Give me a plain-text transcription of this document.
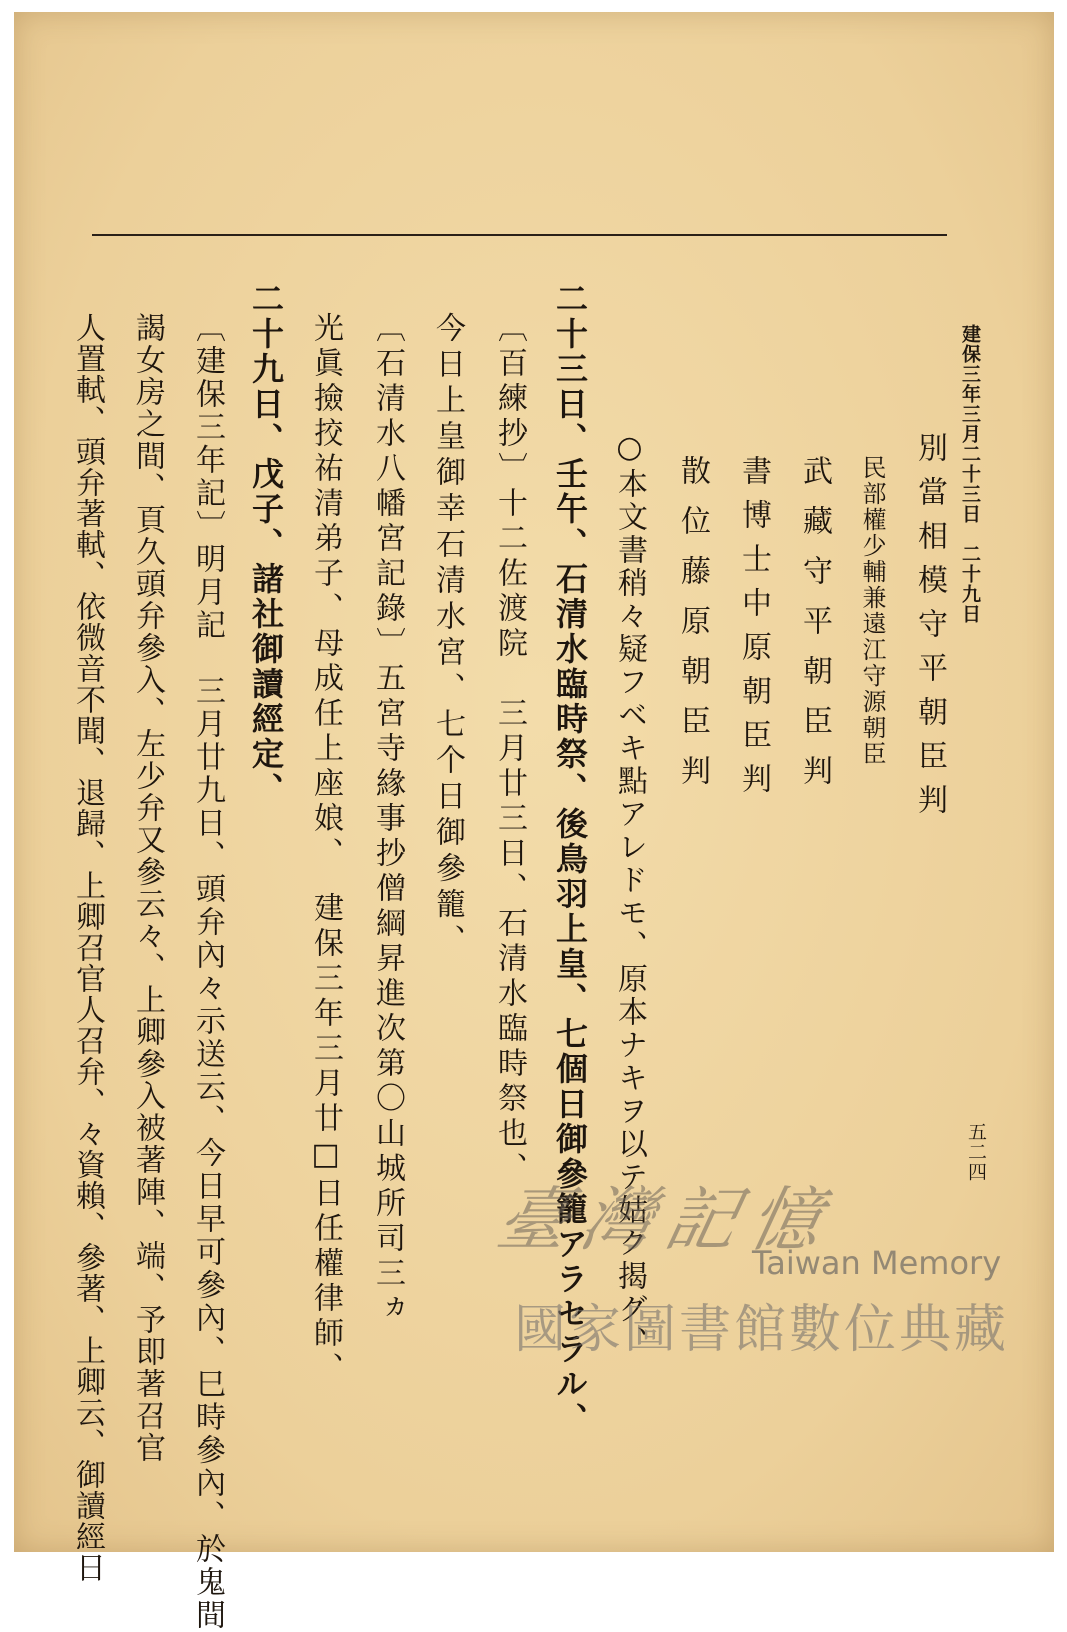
建保三年三月二十三日　二十九日
五二四
別當相模守平朝臣判
民部權少輔兼遠江守源朝臣
武藏守平朝臣判
書博士中原朝臣判
散位藤原朝臣判
○本文書稍々疑フベキ點アレドモ、原本ナキヲ以テ姑ク揭グ、
二十三日、壬午、石清水臨時祭、後鳥羽上皇、七個日御參籠アラセラル、
〔百練抄〕十二佐渡院　三月廿三日、石清水臨時祭也、
今日上皇御幸石清水宮、七个日御參籠、
〔石清水八幡宮記錄〕五宮寺緣事抄僧綱昇進次第〇山城所司三ヵ
光眞撿挍祐清弟子、母成任上座娘、　建保三年三月廿□日任權律師、
二十九日、戊子、諸社御讀經定、
〔建保三年記〕明月記　三月廿九日、頭弁內々示送云、今日早可參內、巳時參內、於鬼間
謁女房之間、頁久頭弁參入、左少弁又參云々、上卿參入被著陣、端、予即著召官
人置軾、頭弁著軾、依微音不聞、退歸、上卿召官人召弁、々資賴、參著、上卿云、御讀經日	臺灣記憶
Taiwan Memory
國家圖書館數位典藏
